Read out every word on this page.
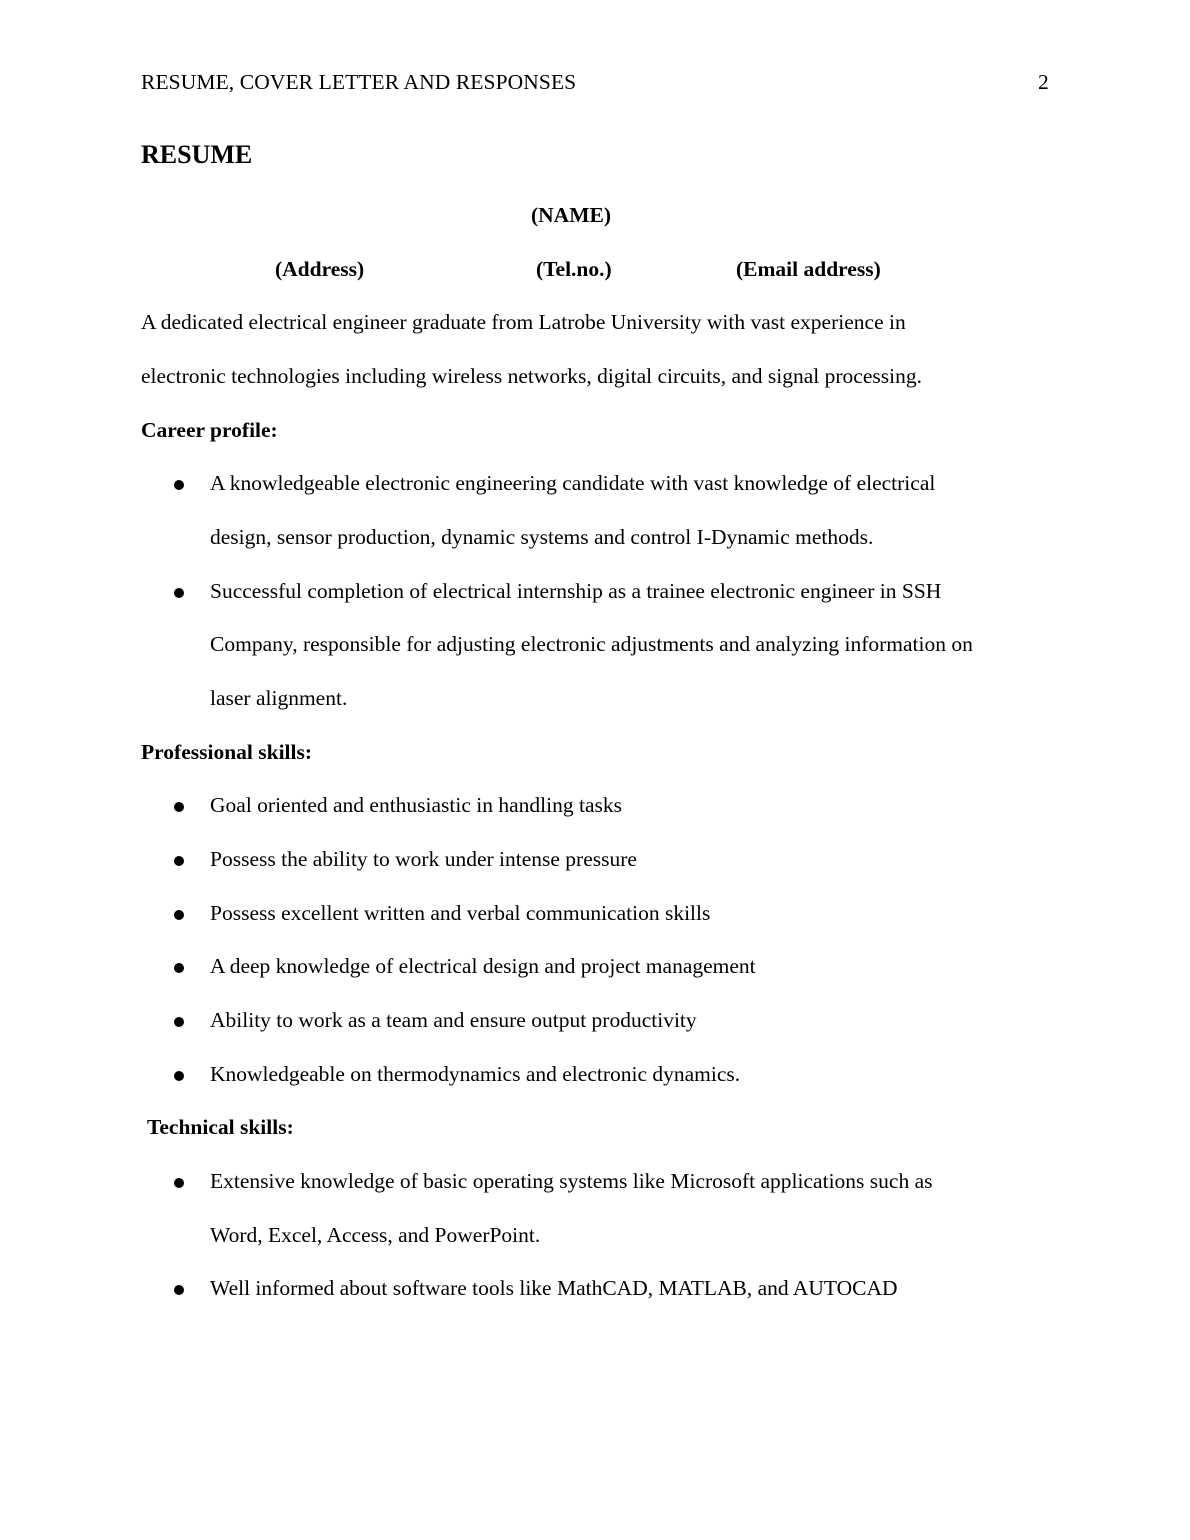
RESUME, COVER LETTER AND RESPONSES	2
RESUME
(NAME)
(Address)	(Tel.no.)	(Email address)
A dedicated electrical engineer graduate from Latrobe University with vast experience in
electronic technologies including wireless networks, digital circuits, and signal processing.
Career profile:
A knowledgeable electronic engineering candidate with vast knowledge of electrical
design, sensor production, dynamic systems and control I-Dynamic methods.
Successful completion of electrical internship as a trainee electronic engineer in SSH
Company, responsible for adjusting electronic adjustments and analyzing information on
laser alignment.
Professional skills:
Goal oriented and enthusiastic in handling tasks
Possess the ability to work under intense pressure
Possess excellent written and verbal communication skills
A deep knowledge of electrical design and project management
Ability to work as a team and ensure output productivity
Knowledgeable on thermodynamics and electronic dynamics.
Technical skills:
Extensive knowledge of basic operating systems like Microsoft applications such as
Word, Excel, Access, and PowerPoint.
Well informed about software tools like MathCAD, MATLAB, and AUTOCAD
